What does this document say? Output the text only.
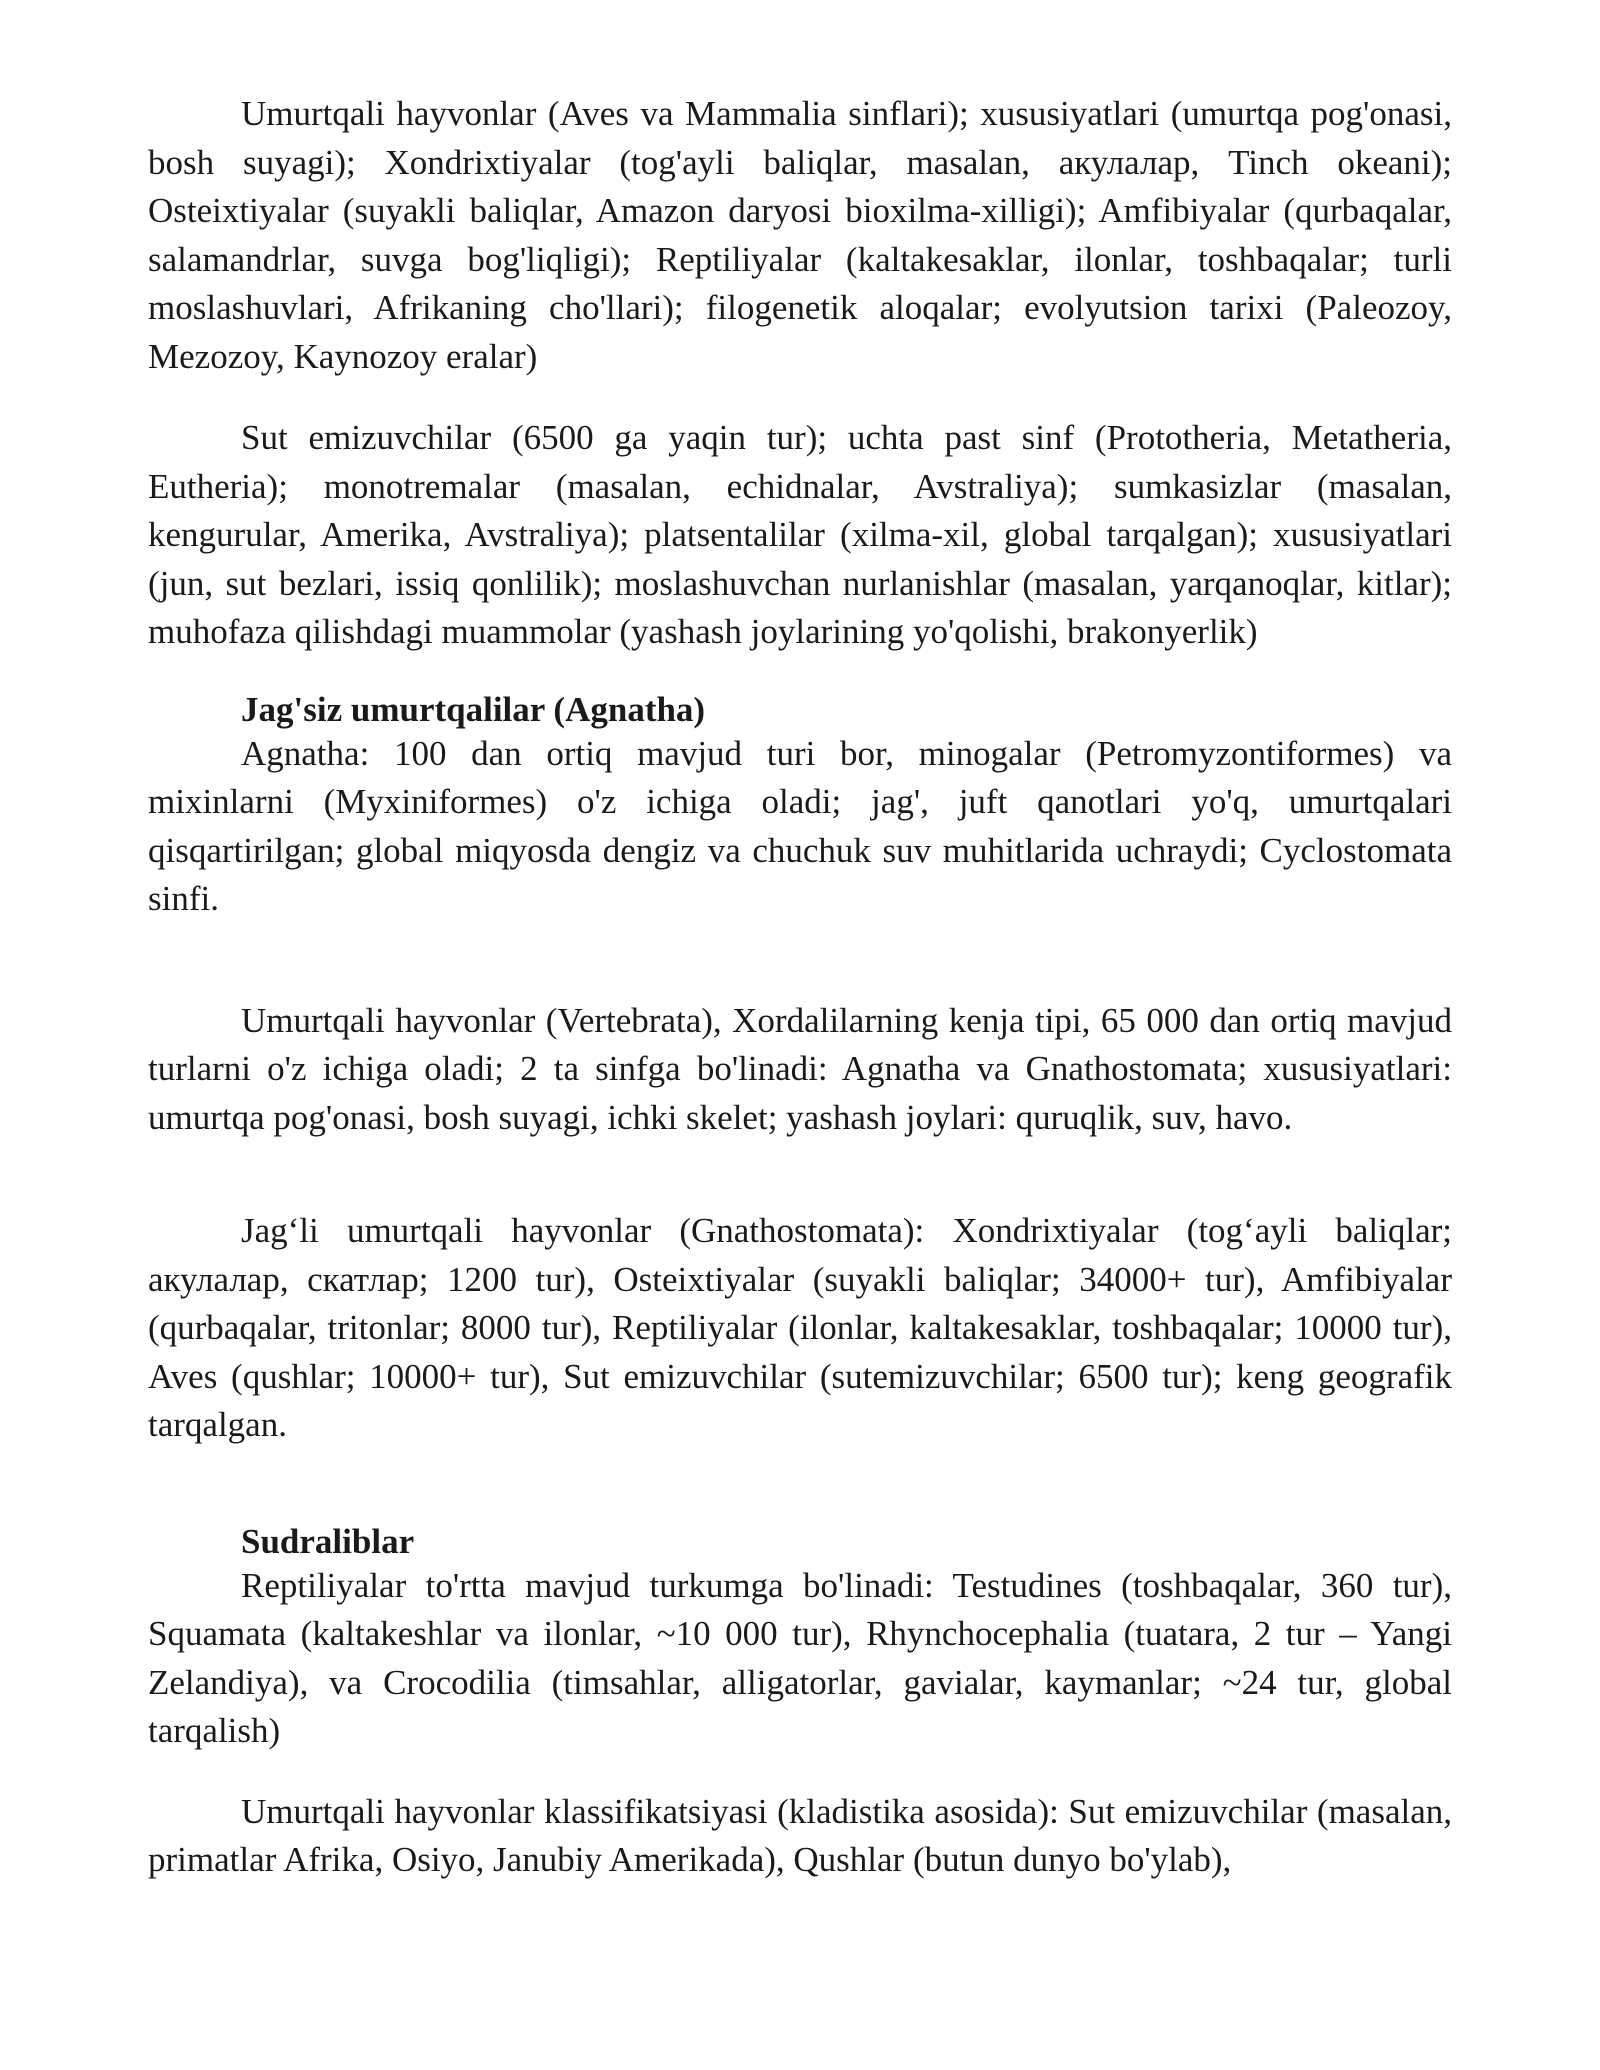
Umurtqali hayvonlar (Aves va Mammalia sinflari); xususiyatlari (umurtqa pog'onasi, bosh suyagi); Xondrixtiyalar (tog'ayli baliqlar, masalan, акулалар, Tinch okeani); Osteixtiyalar (suyakli baliqlar, Amazon daryosi bioxilma-xilligi); Amfibiyalar (qurbaqalar, salamandrlar, suvga bog'liqligi); Reptiliyalar (kaltakesaklar, ilonlar, toshbaqalar; turli moslashuvlari, Afrikaning cho'llari); filogenetik aloqalar; evolyutsion tarixi (Paleozoy, Mezozoy, Kaynozoy eralar)

Sut emizuvchilar (6500 ga yaqin tur); uchta past sinf (Prototheria, Metatheria, Eutheria); monotremalar (masalan, echidnalar, Avstraliya); sumkasizlar (masalan, kengurular, Amerika, Avstraliya); platsentalilar (xilma-xil, global tarqalgan); xususiyatlari (jun, sut bezlari, issiq qonlilik); moslashuvchan nurlanishlar (masalan, yarqanoqlar, kitlar); muhofaza qilishdagi muammolar (yashash joylarining yo'qolishi, brakonyerlik)

Jag'siz umurtqalilar (Agnatha)

Agnatha: 100 dan ortiq mavjud turi bor, minogalar (Petromyzontiformes) va mixinlarni (Myxiniformes) o'z ichiga oladi; jag', juft qanotlari yo'q, umurtqalari qisqartirilgan; global miqyosda dengiz va chuchuk suv muhitlarida uchraydi; Cyclostomata sinfi.

Umurtqali hayvonlar (Vertebrata), Xordalilarning kenja tipi, 65 000 dan ortiq mavjud turlarni o'z ichiga oladi; 2 ta sinfga bo'linadi: Agnatha va Gnathostomata; xususiyatlari: umurtqa pog'onasi, bosh suyagi, ichki skelet; yashash joylari: quruqlik, suv, havo.

Jag‘li umurtqali hayvonlar (Gnathostomata): Xondrixtiyalar (tog‘ayli baliqlar; акулалар, скатлар; 1200 tur), Osteixtiyalar (suyakli baliqlar; 34000+ tur), Amfibiyalar (qurbaqalar, tritonlar; 8000 tur), Reptiliyalar (ilonlar, kaltakesaklar, toshbaqalar; 10000 tur), Aves (qushlar; 10000+ tur), Sut emizuvchilar (sutemizuvchilar; 6500 tur); keng geografik tarqalgan.

Sudraliblar

Reptiliyalar to'rtta mavjud turkumga bo'linadi: Testudines (toshbaqalar, 360 tur), Squamata (kaltakeshlar va ilonlar, ~10 000 tur), Rhynchocephalia (tuatara, 2 tur – Yangi Zelandiya), va Crocodilia (timsahlar, alligatorlar, gavialar, kaymanlar; ~24 tur, global tarqalish)

Umurtqali hayvonlar klassifikatsiyasi (kladistika asosida): Sut emizuvchilar (masalan, primatlar Afrika, Osiyo, Janubiy Amerikada), Qushlar (butun dunyo bo'ylab),
